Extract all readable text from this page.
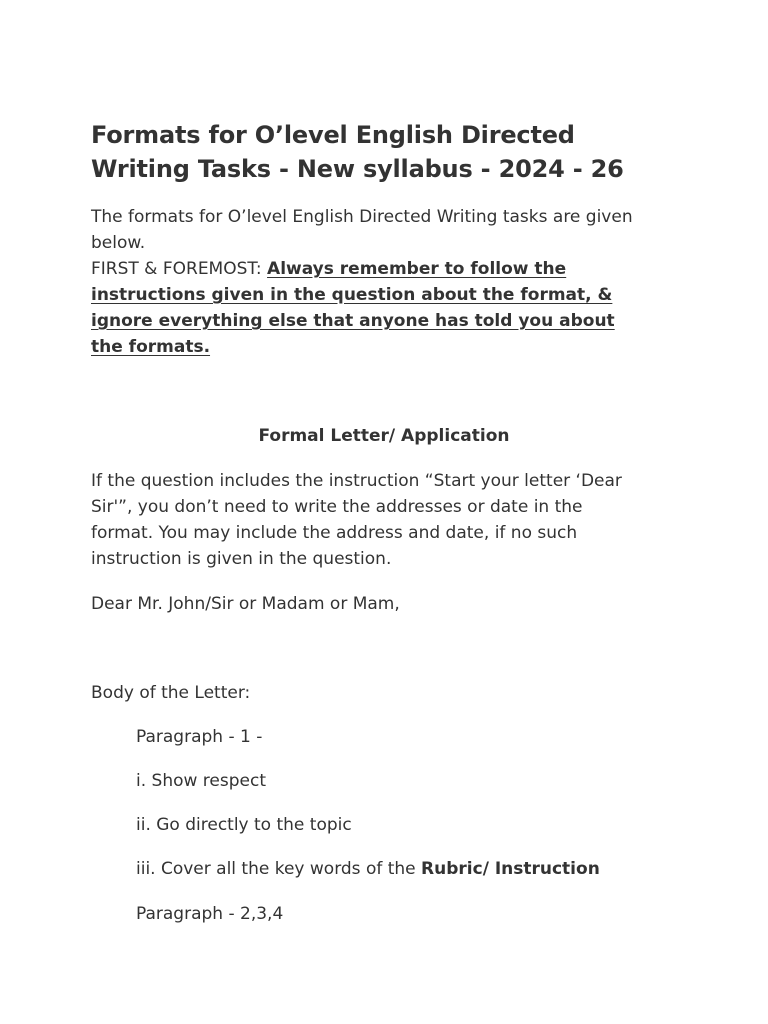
Formats for O’level English Directed
Writing Tasks - New syllabus - 2024 - 26
The formats for O’level English Directed Writing tasks are given
below.
FIRST & FOREMOST: Always remember to follow the
instructions given in the question about the format, &
ignore everything else that anyone has told you about
the formats.
Formal Letter/ Application
If the question includes the instruction “Start your letter ‘Dear
Sir'”, you don’t need to write the addresses or date in the
format. You may include the address and date, if no such
instruction is given in the question.
Dear Mr. John/Sir or Madam or Mam,
Body of the Letter:
Paragraph - 1 -
i. Show respect
ii. Go directly to the topic
iii. Cover all the key words of the Rubric/ Instruction
Paragraph - 2,3,4
